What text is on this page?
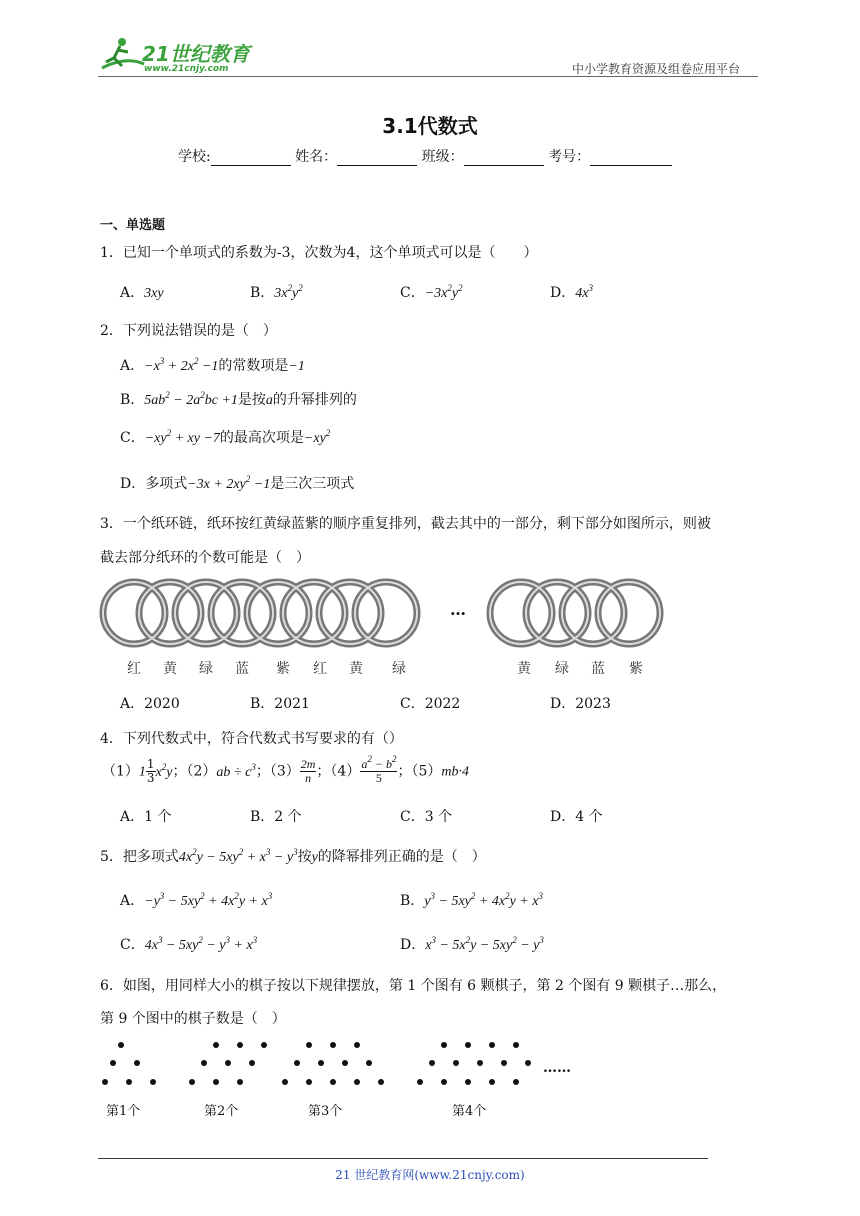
21世纪教育
www.21cnjy.com	中小学教育资源及组卷应用平台
3.1代数式
学校:	姓名：	班级：	考号：
一、单选题
1．已知一个单项式的系数为-3，次数为4，这个单项式可以是（　　）
A．3xy	B．$3x^2y^2$	C．$-3x^2y^2$	D．$4x^3$
2．下列说法错误的是（　）
A．$-x^3 + 2x^2 -1$的常数项是−1
B．$5ab^2 - 2a^2bc +1$是按a的升幂排列的
C．$-xy^2$ + xy −7的最高次项是$-xy^2$
D．多项式$-3x + 2xy^2 -1$是三次三项式
3．一个纸环链，纸环按红黄绿蓝紫的顺序重复排列，截去其中的一部分，剩下部分如图所示，则被
截去部分纸环的个数可能是（　）
…
红 黄 绿 蓝 紫 红 黄 绿	黄 绿 蓝 紫
A．2020	B．2021	C．2022	D．2023
4．下列代数式中，符合代数式书写要求的有（）
$(1)1 \frac{1}{3} x^2y$；$(2)ab \div c^3$；$(3) \frac{2m}{n}$ ；$(4) \frac{a^2 - b^2}{5}$ ；（5）mb·4
A．1 个	B．2 个	C．3 个	D．4 个
5．把多项式$4x^2y - 5xy^2 + x^3 - y^3$按y的降幂排列正确的是（　）
A．$-y^3 - 5xy^2 + 4x^2y + x^3$	B．$y^3 - 5xy^2 + 4x^2y + x^3$
C．$4x^3 - 5xy^2 - y^3 + x^3$	D．$x^3 - 5x^2y - 5xy^2 - y^3$
6．如图，用同样大小的棋子按以下规律摆放，第 1 个图有 6 颗棋子，第 2 个图有 9 颗棋子…那么，
第 9 个图中的棋子数是（　）
……
第1个	第2个	第3个	第4个
21 世纪教育网(www.21cnjy.com)
